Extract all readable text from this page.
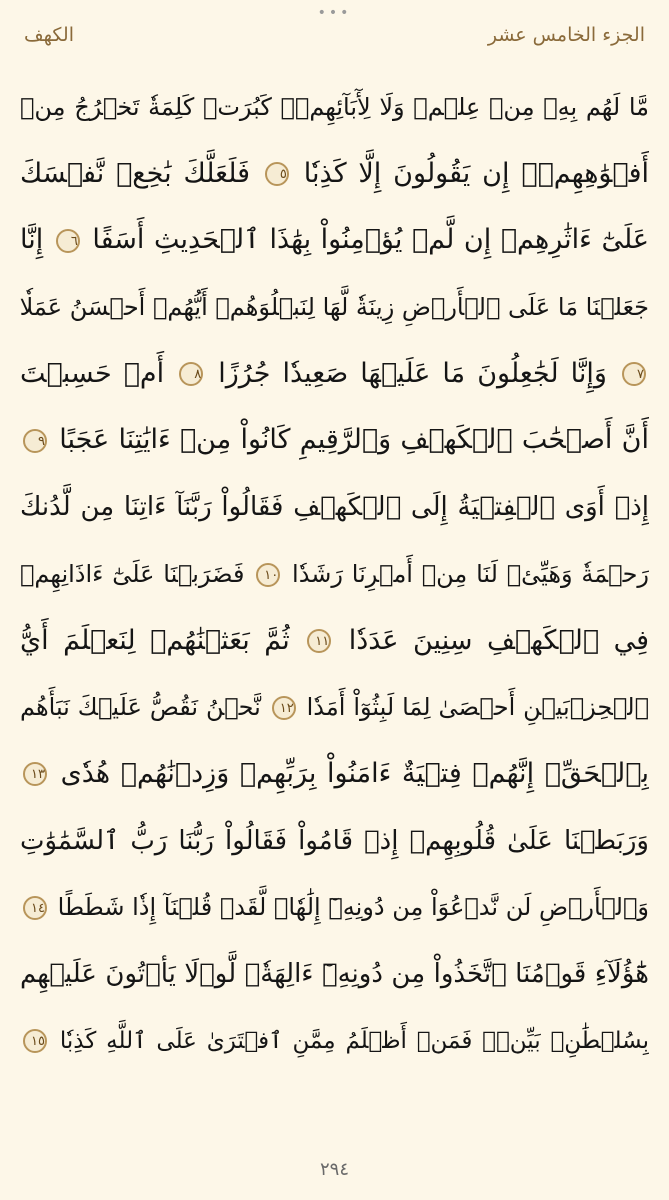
•••
الكهف	الجزء الخامس عشر
مَّا لَهُم بِهِۦ مِنۡ عِلۡمٖ وَلَا لِأٓبَآئِهِمۡۚ كَبُرَتۡ كَلِمَةٗ تَخۡرُجُ مِنۡ
أَفۡوَٰهِهِمۡۚ إِن يَقُولُونَ إِلَّا كَذِبٗا ٥ فَلَعَلَّكَ بَٰخِعٞ نَّفۡسَكَ
عَلَىٰٓ ءَاثَٰرِهِمۡ إِن لَّمۡ يُؤۡمِنُواْ بِهَٰذَا ٱلۡحَدِيثِ أَسَفًا ٦ إِنَّا
جَعَلۡنَا مَا عَلَى ٱلۡأَرۡضِ زِينَةٗ لَّهَا لِنَبۡلُوَهُمۡ أَيُّهُمۡ أَحۡسَنُ عَمَلٗا
٧ وَإِنَّا لَجَٰعِلُونَ مَا عَلَيۡهَا صَعِيدٗا جُرُزًا ٨ أَمۡ حَسِبۡتَ
أَنَّ أَصۡحَٰبَ ٱلۡكَهۡفِ وَٱلرَّقِيمِ كَانُواْ مِنۡ ءَايَٰتِنَا عَجَبًا ٩
إِذۡ أَوَى ٱلۡفِتۡيَةُ إِلَى ٱلۡكَهۡفِ فَقَالُواْ رَبَّنَآ ءَاتِنَا مِن لَّدُنكَ
رَحۡمَةٗ وَهَيِّئۡ لَنَا مِنۡ أَمۡرِنَا رَشَدٗا ١٠ فَضَرَبۡنَا عَلَىٰٓ ءَاذَانِهِمۡ
فِي ٱلۡكَهۡفِ سِنِينَ عَدَدٗا ١١ ثُمَّ بَعَثۡنَٰهُمۡ لِنَعۡلَمَ أَيُّ
ٱلۡحِزۡبَيۡنِ أَحۡصَىٰ لِمَا لَبِثُوٓاْ أَمَدٗا ١٢ نَّحۡنُ نَقُصُّ عَلَيۡكَ نَبَأَهُم
بِٱلۡحَقِّۚ إِنَّهُمۡ فِتۡيَةٌ ءَامَنُواْ بِرَبِّهِمۡ وَزِدۡنَٰهُمۡ هُدٗى ١٣
وَرَبَطۡنَا عَلَىٰ قُلُوبِهِمۡ إِذۡ قَامُواْ فَقَالُواْ رَبُّنَا رَبُّ ٱلسَّمَٰوَٰتِ
وَٱلۡأَرۡضِ لَن نَّدۡعُوَاْ مِن دُونِهِۦٓ إِلَٰهٗاۖ لَّقَدۡ قُلۡنَآ إِذٗا شَطَطًا ١٤
هَٰٓؤُلَآءِ قَوۡمُنَا ٱتَّخَذُواْ مِن دُونِهِۦٓ ءَالِهَةٗۖ لَّوۡلَا يَأۡتُونَ عَلَيۡهِم
بِسُلۡطَٰنِۭ بَيِّنٖۖ فَمَنۡ أَظۡلَمُ مِمَّنِ ٱفۡتَرَىٰ عَلَى ٱللَّهِ كَذِبٗا ١٥
٢٩٤
